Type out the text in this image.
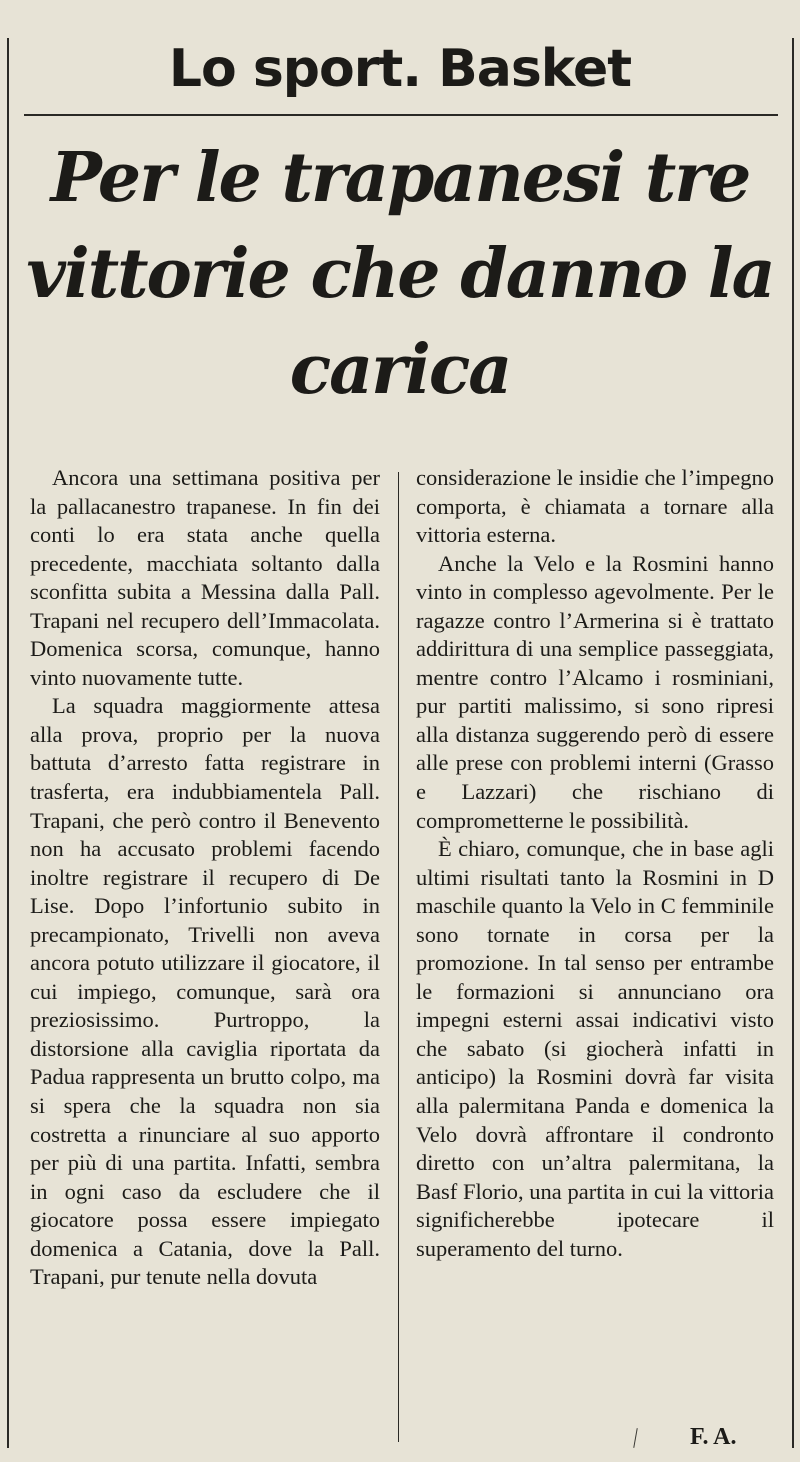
Lo sport. Basket
Per le trapanesi tre vittorie che danno la carica

Ancora una settimana positiva per la pallacanestro trapanese. In fin dei conti lo era stata anche quella precedente, macchiata soltanto dalla sconfitta subita a Messina dalla Pall. Trapani nel recupero dell’Immacolata. Domenica scorsa, comunque, hanno vinto nuovamente tutte.

La squadra maggiormente attesa alla prova, proprio per la nuova battuta d’arresto fatta registrare in trasferta, era indubbiamentela Pall. Trapani, che però contro il Benevento non ha accusato problemi facendo inoltre registrare il recupero di De Lise. Dopo l’infortunio subito in precampionato, Trivelli non aveva ancora potuto utilizzare il giocatore, il cui impiego, comunque, sarà ora preziosissimo. Purtroppo, la distorsione alla caviglia riportata da Padua rappresenta un brutto colpo, ma si spera che la squadra non sia costretta a rinunciare al suo apporto per più di una partita. Infatti, sembra in ogni caso da escludere che il giocatore possa essere impiegato domenica a Catania, dove la Pall. Trapani, pur tenute nella dovuta

considerazione le insidie che l’impegno comporta, è chiamata a tornare alla vittoria esterna.

Anche la Velo e la Rosmini hanno vinto in complesso agevolmente. Per le ragazze contro l’Armerina si è trattato addirittura di una semplice passeggiata, mentre contro l’Alcamo i rosminiani, pur partiti malissimo, si sono ripresi alla distanza suggerendo però di essere alle prese con problemi interni (Grasso e Lazzari) che rischiano di comprometterne le possibilità.

È chiaro, comunque, che in base agli ultimi risultati tanto la Rosmini in D maschile quanto la Velo in C femminile sono tornate in corsa per la promozione. In tal senso per entrambe le formazioni si annunciano ora impegni esterni assai indicativi visto che sabato (si giocherà infatti in anticipo) la Rosmini dovrà far visita alla palermitana Panda e domenica la Velo dovrà affrontare il condronto diretto con un’altra palermitana, la Basf Florio, una partita in cui la vittoria significherebbe ipotecare il superamento del turno.

F. A.
